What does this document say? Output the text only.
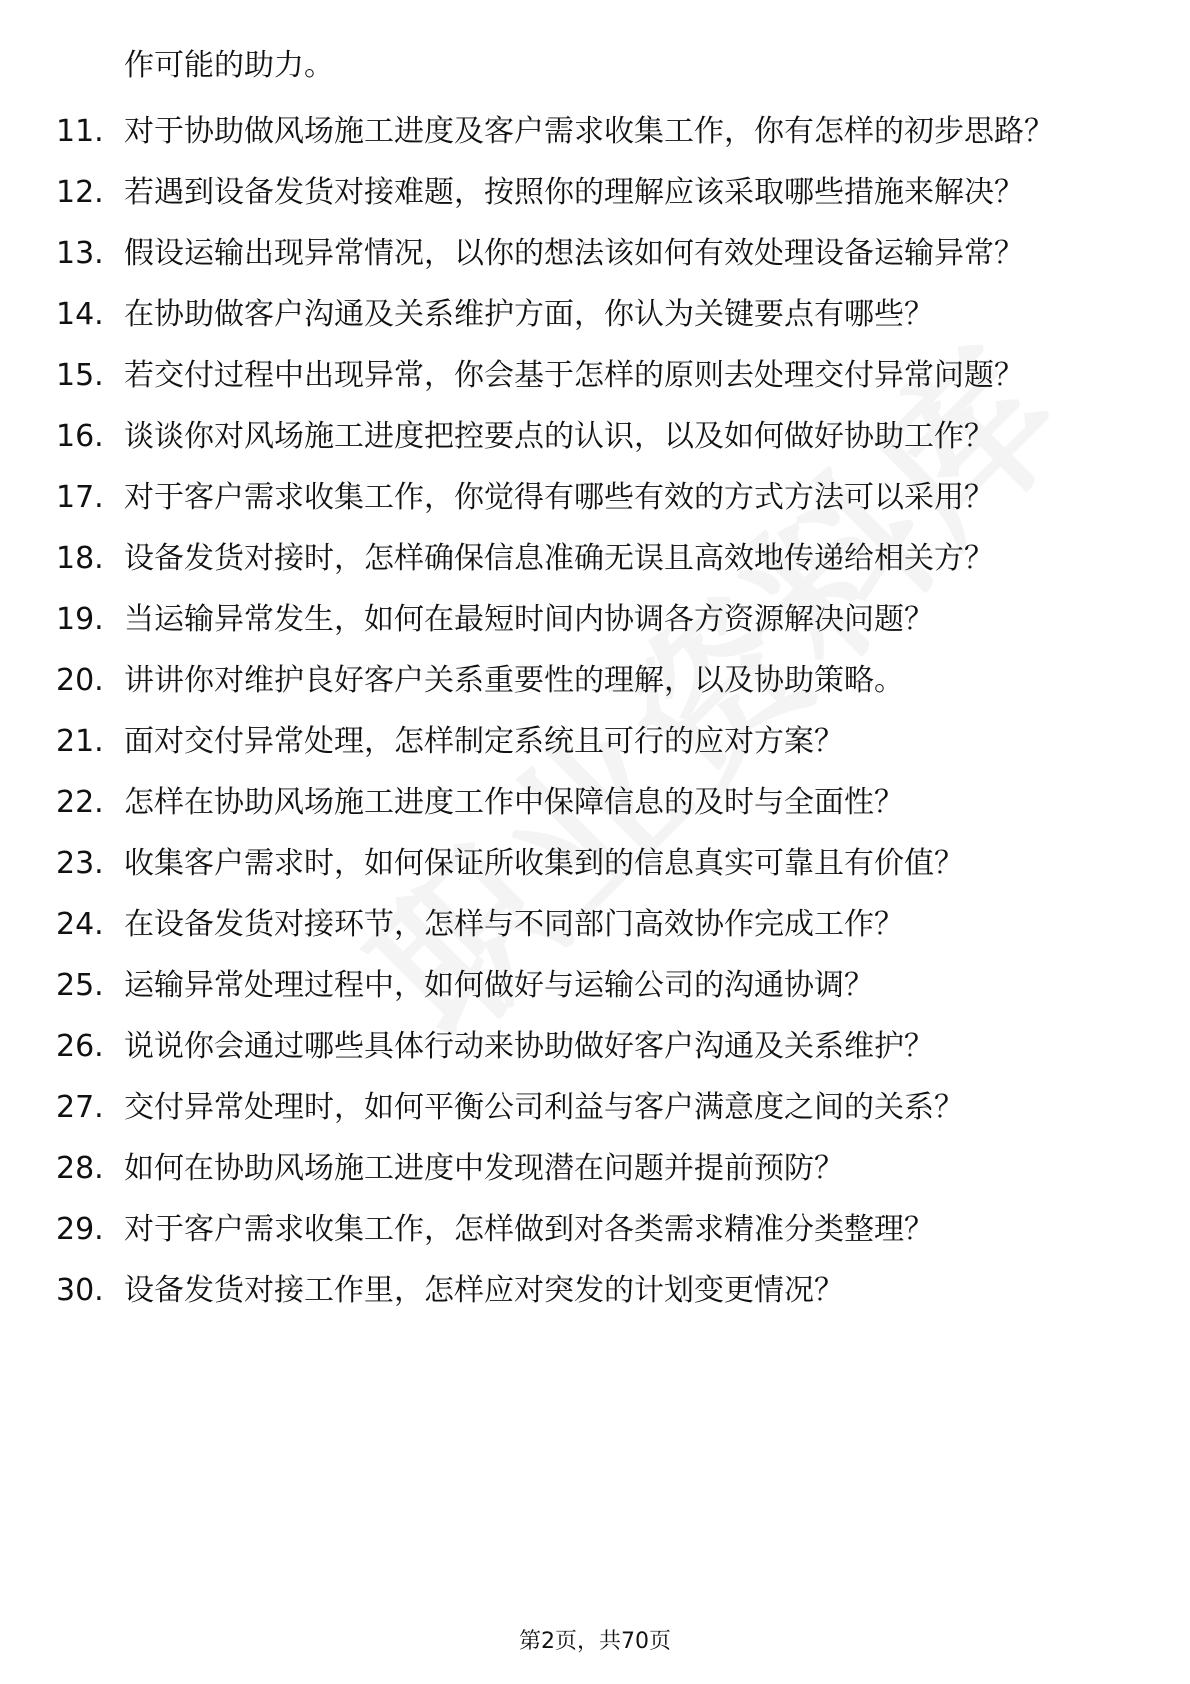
作可能的助力。

11. 对于协助做风场施工进度及客户需求收集工作，你有怎样的初步思路？
12. 若遇到设备发货对接难题，按照你的理解应该采取哪些措施来解决？
13. 假设运输出现异常情况，以你的想法该如何有效处理设备运输异常？
14. 在协助做客户沟通及关系维护方面，你认为关键要点有哪些？
15. 若交付过程中出现异常，你会基于怎样的原则去处理交付异常问题？
16. 谈谈你对风场施工进度把控要点的认识，以及如何做好协助工作？
17. 对于客户需求收集工作，你觉得有哪些有效的方式方法可以采用？
18. 设备发货对接时，怎样确保信息准确无误且高效地传递给相关方？
19. 当运输异常发生，如何在最短时间内协调各方资源解决问题？
20. 讲讲你对维护良好客户关系重要性的理解，以及协助策略。
21. 面对交付异常处理，怎样制定系统且可行的应对方案？
22. 怎样在协助风场施工进度工作中保障信息的及时与全面性？
23. 收集客户需求时，如何保证所收集到的信息真实可靠且有价值？
24. 在设备发货对接环节，怎样与不同部门高效协作完成工作？
25. 运输异常处理过程中，如何做好与运输公司的沟通协调？
26. 说说你会通过哪些具体行动来协助做好客户沟通及关系维护？
27. 交付异常处理时，如何平衡公司利益与客户满意度之间的关系？
28. 如何在协助风场施工进度中发现潜在问题并提前预防？
29. 对于客户需求收集工作，怎样做到对各类需求精准分类整理？
30. 设备发货对接工作里，怎样应对突发的计划变更情况？
第2页，共70页
